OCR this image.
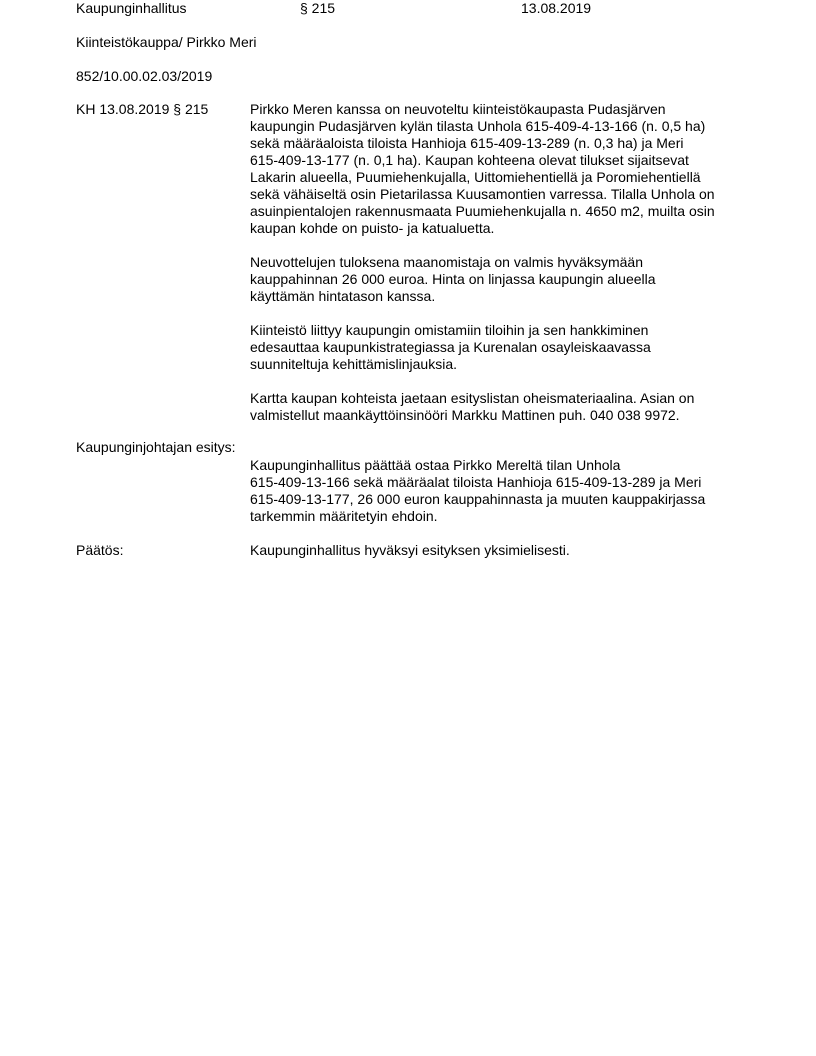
Kaupunginhallitus	§ 215	13.08.2019
Kiinteistökauppa/ Pirkko Meri
852/10.00.02.03/2019
KH 13.08.2019 § 215	Pirkko Meren kanssa on neuvoteltu kiinteistökaupasta Pudasjärven
kaupungin Pudasjärven kylän tilasta Unhola 615-409-4-13-166 (n. 0,5 ha)
sekä määräaloista tiloista Hanhioja 615-409-13-289 (n. 0,3 ha) ja Meri
615-409-13-177 (n. 0,1 ha). Kaupan kohteena olevat tilukset sijaitsevat
Lakarin alueella, Puumiehenkujalla, Uittomiehentiellä ja Poromiehentiellä
sekä vähäiseltä osin Pietarilassa Kuusamontien varressa. Tilalla Unhola on
asuinpientalojen rakennusmaata Puumiehenkujalla n. 4650 m2, muilta osin
kaupan kohde on puisto- ja katualuetta.

Neuvottelujen tuloksena maanomistaja on valmis hyväksymään
kauppahinnan 26 000 euroa. Hinta on linjassa kaupungin alueella
käyttämän hintatason kanssa.

Kiinteistö liittyy kaupungin omistamiin tiloihin ja sen hankkiminen
edesauttaa kaupunkistrategiassa ja Kurenalan osayleiskaavassa
suunniteltuja kehittämislinjauksia.

Kartta kaupan kohteista jaetaan esityslistan oheismateriaalina. Asian on
valmistellut maankäyttöinsinööri Markku Mattinen puh. 040 038 9972.

Kaupunginjohtajan esitys:

Kaupunginhallitus päättää ostaa Pirkko Mereltä tilan Unhola
615-409-13-166 sekä määräalat tiloista Hanhioja 615-409-13-289 ja Meri
615-409-13-177, 26 000 euron kauppahinnasta ja muuten kauppakirjassa
tarkemmin määritetyin ehdoin.

Päätös:	Kaupunginhallitus hyväksyi esityksen yksimielisesti.
